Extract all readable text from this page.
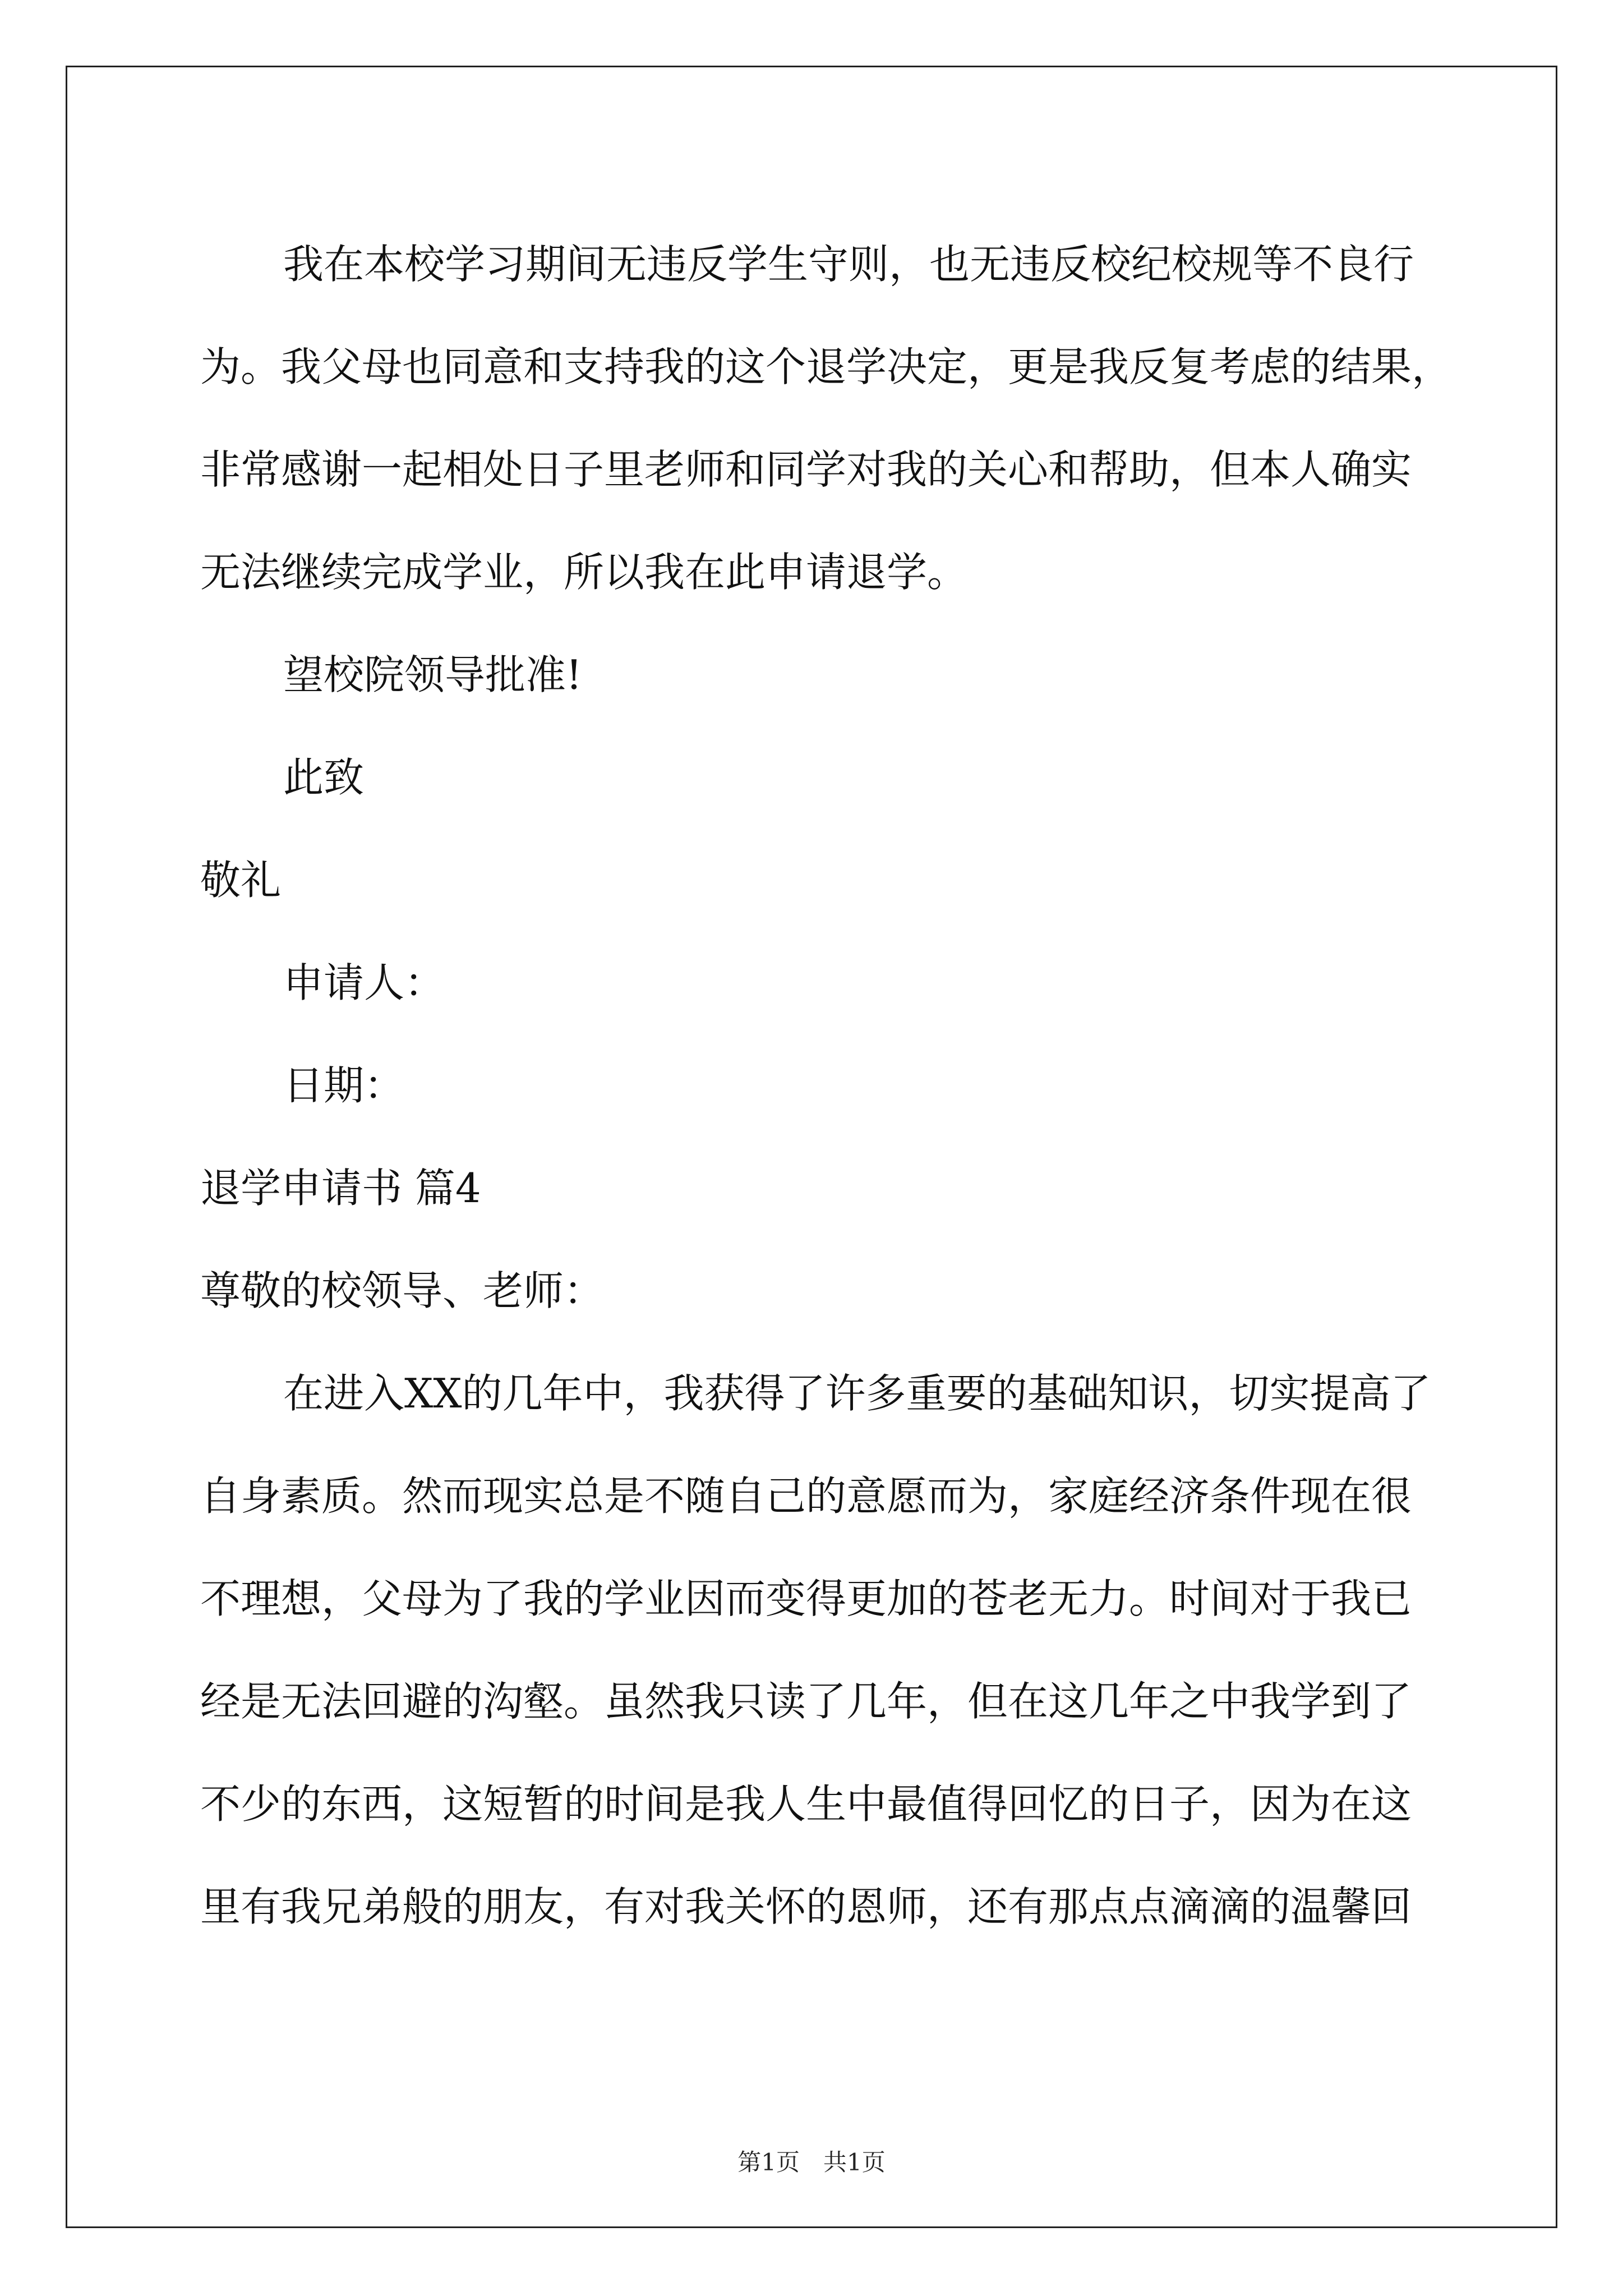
我在本校学习期间无违反学生守则，也无违反校纪校规等不良行
为。我父母也同意和支持我的这个退学决定，更是我反复考虑的结果，
非常感谢一起相处日子里老师和同学对我的关心和帮助，但本人确实
无法继续完成学业，所以我在此申请退学。
望校院领导批准!
此致
敬礼
申请人：
日期：
退学申请书 篇4
尊敬的校领导、老师：
在进入XX的几年中，我获得了许多重要的基础知识，切实提高了
自身素质。然而现实总是不随自己的意愿而为，家庭经济条件现在很
不理想，父母为了我的学业因而变得更加的苍老无力。时间对于我已
经是无法回避的沟壑。虽然我只读了几年，但在这几年之中我学到了
不少的东西，这短暂的时间是我人生中最值得回忆的日子，因为在这
里有我兄弟般的朋友，有对我关怀的恩师，还有那点点滴滴的温馨回
第1页　共1页
